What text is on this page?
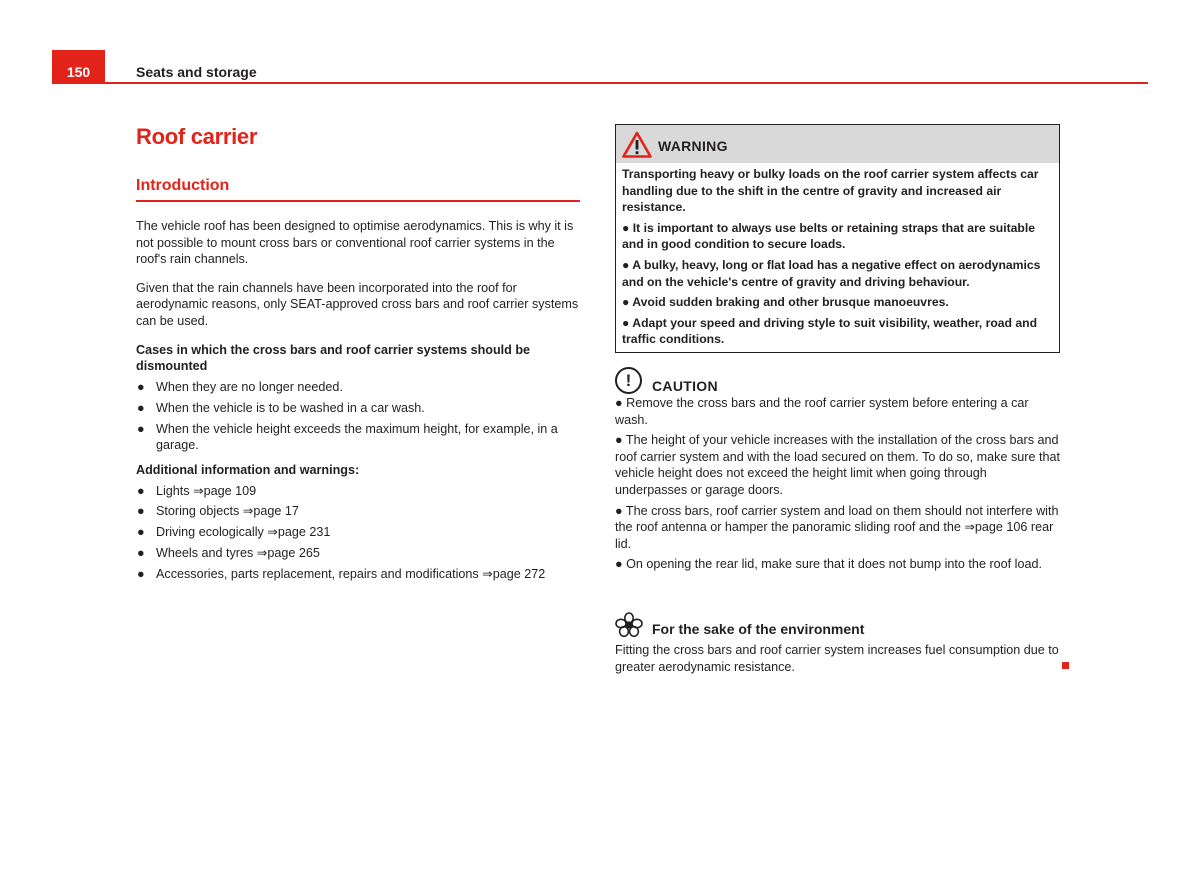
150	Seats and storage
Roof carrier
Introduction

The vehicle roof has been designed to optimise aerodynamics. This is why it is not possible to mount cross bars or conventional roof carrier systems in the roof's rain channels.

Given that the rain channels have been incorporated into the roof for aerodynamic reasons, only SEAT-approved cross bars and roof carrier systems can be used.

Cases in which the cross bars and roof carrier systems should be dismounted
● When they are no longer needed.
● When the vehicle is to be washed in a car wash.
● When the vehicle height exceeds the maximum height, for example, in a garage.
Additional information and warnings:
● Lights ⇒page 109
● Storing objects ⇒page 17
● Driving ecologically ⇒page 231
● Wheels and tyres ⇒page 265
● Accessories, parts replacement, repairs and modifications ⇒page 272
WARNING

Transporting heavy or bulky loads on the roof carrier system affects car handling due to the shift in the centre of gravity and increased air resistance.

● It is important to always use belts or retaining straps that are suitable and in good condition to secure loads.

● A bulky, heavy, long or flat load has a negative effect on aerodynamics and on the vehicle's centre of gravity and driving behaviour.

● Avoid sudden braking and other brusque manoeuvres.

● Adapt your speed and driving style to suit visibility, weather, road and traffic conditions.

!	CAUTION

● Remove the cross bars and the roof carrier system before entering a car wash.

● The height of your vehicle increases with the installation of the cross bars and roof carrier system and with the load secured on them. To do so, make sure that vehicle height does not exceed the height limit when going through underpasses or garage doors.

● The cross bars, roof carrier system and load on them should not interfere with the roof antenna or hamper the panoramic sliding roof and the ⇒page 106 rear lid.

● On opening the rear lid, make sure that it does not bump into the roof load.

For the sake of the environment

Fitting the cross bars and roof carrier system increases fuel consumption due to greater aerodynamic resistance.
